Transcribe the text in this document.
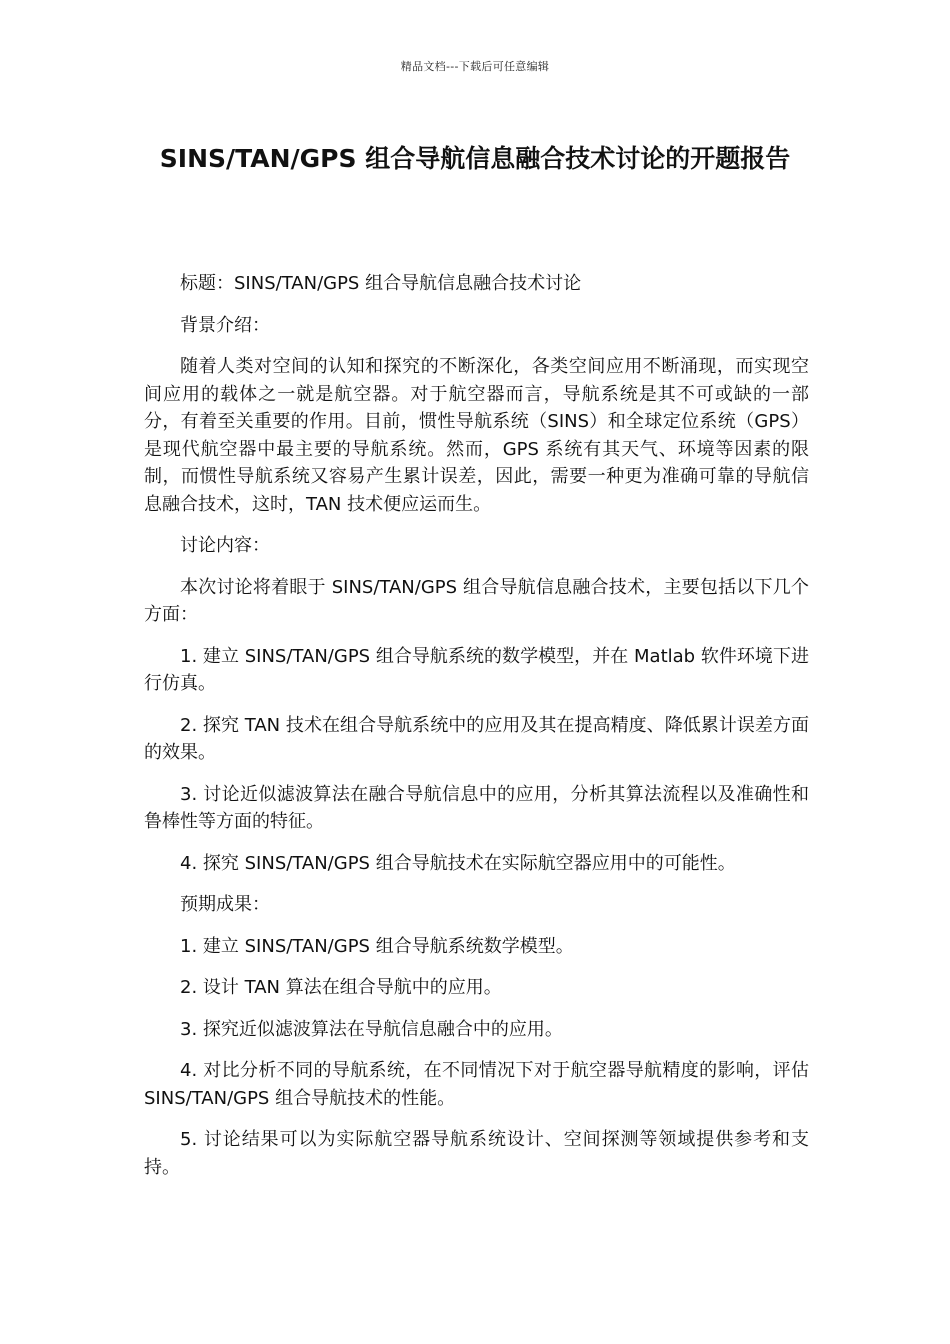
精品文档---下载后可任意编辑
SINS/TAN/GPS 组合导航信息融合技术讨论的开题报告

标题：SINS/TAN/GPS 组合导航信息融合技术讨论

背景介绍：

随着人类对空间的认知和探究的不断深化，各类空间应用不断涌现，而实现空间应用的载体之一就是航空器。对于航空器而言，导航系统是其不可或缺的一部分，有着至关重要的作用。目前，惯性导航系统（SINS）和全球定位系统（GPS）是现代航空器中最主要的导航系统。然而，GPS 系统有其天气、环境等因素的限制，而惯性导航系统又容易产生累计误差，因此，需要一种更为准确可靠的导航信息融合技术，这时，TAN 技术便应运而生。

讨论内容：

本次讨论将着眼于 SINS/TAN/GPS 组合导航信息融合技术，主要包括以下几个方面：

1. 建立 SINS/TAN/GPS 组合导航系统的数学模型，并在 Matlab 软件环境下进行仿真。

2. 探究 TAN 技术在组合导航系统中的应用及其在提高精度、降低累计误差方面的效果。

3. 讨论近似滤波算法在融合导航信息中的应用，分析其算法流程以及准确性和鲁棒性等方面的特征。

4. 探究 SINS/TAN/GPS 组合导航技术在实际航空器应用中的可能性。

预期成果：

1. 建立 SINS/TAN/GPS 组合导航系统数学模型。

2. 设计 TAN 算法在组合导航中的应用。

3. 探究近似滤波算法在导航信息融合中的应用。

4. 对比分析不同的导航系统，在不同情况下对于航空器导航精度的影响，评估 SINS/TAN/GPS 组合导航技术的性能。

5. 讨论结果可以为实际航空器导航系统设计、空间探测等领域提供参考和支持。
